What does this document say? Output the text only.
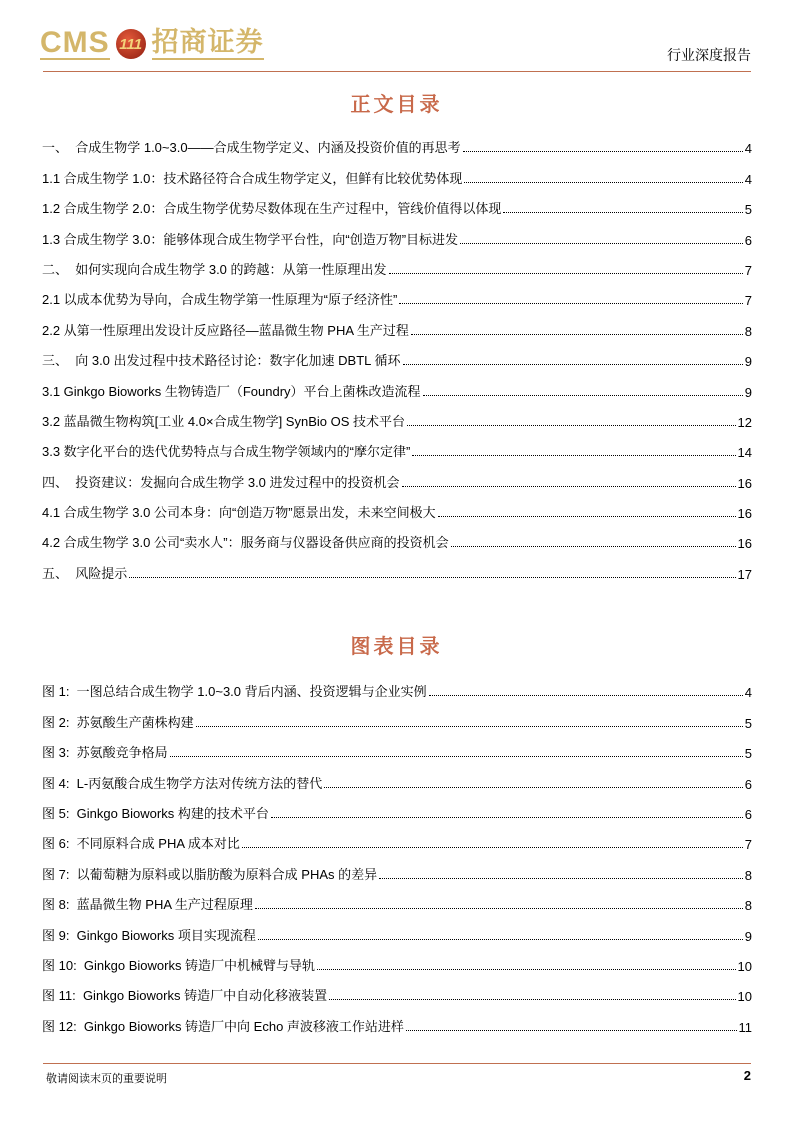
CMS 111 招商证券	行业深度报告
正文目录
一、  合成生物学 1.0~3.0——合成生物学定义、内涵及投资价值的再思考	4
1.1 合成生物学 1.0：技术路径符合合成生物学定义，但鲜有比较优势体现	4
1.2 合成生物学 2.0：合成生物学优势尽数体现在生产过程中，管线价值得以体现	5
1.3 合成生物学 3.0：能够体现合成生物学平台性，向“创造万物”目标进发	6
二、  如何实现向合成生物学 3.0 的跨越：从第一性原理出发	7
2.1 以成本优势为导向，合成生物学第一性原理为“原子经济性”	7
2.2 从第一性原理出发设计反应路径—蓝晶微生物 PHA 生产过程	8
三、  向 3.0 出发过程中技术路径讨论：数字化加速 DBTL 循环	9
3.1 Ginkgo Bioworks 生物铸造厂（Foundry）平台上菌株改造流程	9
3.2 蓝晶微生物构筑[工业 4.0×合成生物学] SynBio OS 技术平台	12
3.3 数字化平台的迭代优势特点与合成生物学领域内的“摩尔定律”	14
四、  投资建议：发掘向合成生物学 3.0 进发过程中的投资机会	16
4.1 合成生物学 3.0 公司本身：向“创造万物”愿景出发，未来空间极大	16
4.2 合成生物学 3.0 公司“卖水人”：服务商与仪器设备供应商的投资机会	16
五、  风险提示	17
图表目录
图 1:  一图总结合成生物学 1.0~3.0 背后内涵、投资逻辑与企业实例	4
图 2:  苏氨酸生产菌株构建	5
图 3:  苏氨酸竞争格局	5
图 4:  L-丙氨酸合成生物学方法对传统方法的替代	6
图 5:  Ginkgo Bioworks 构建的技术平台	6
图 6:  不同原料合成 PHA 成本对比	7
图 7:  以葡萄糖为原料或以脂肪酸为原料合成 PHAs 的差异	8
图 8:  蓝晶微生物 PHA 生产过程原理	8
图 9:  Ginkgo Bioworks 项目实现流程	9
图 10:  Ginkgo Bioworks 铸造厂中机械臂与导轨	10
图 11:  Ginkgo Bioworks 铸造厂中自动化移液装置	10
图 12:  Ginkgo Bioworks 铸造厂中向 Echo 声波移液工作站进样	11
敬请阅读末页的重要说明	2
